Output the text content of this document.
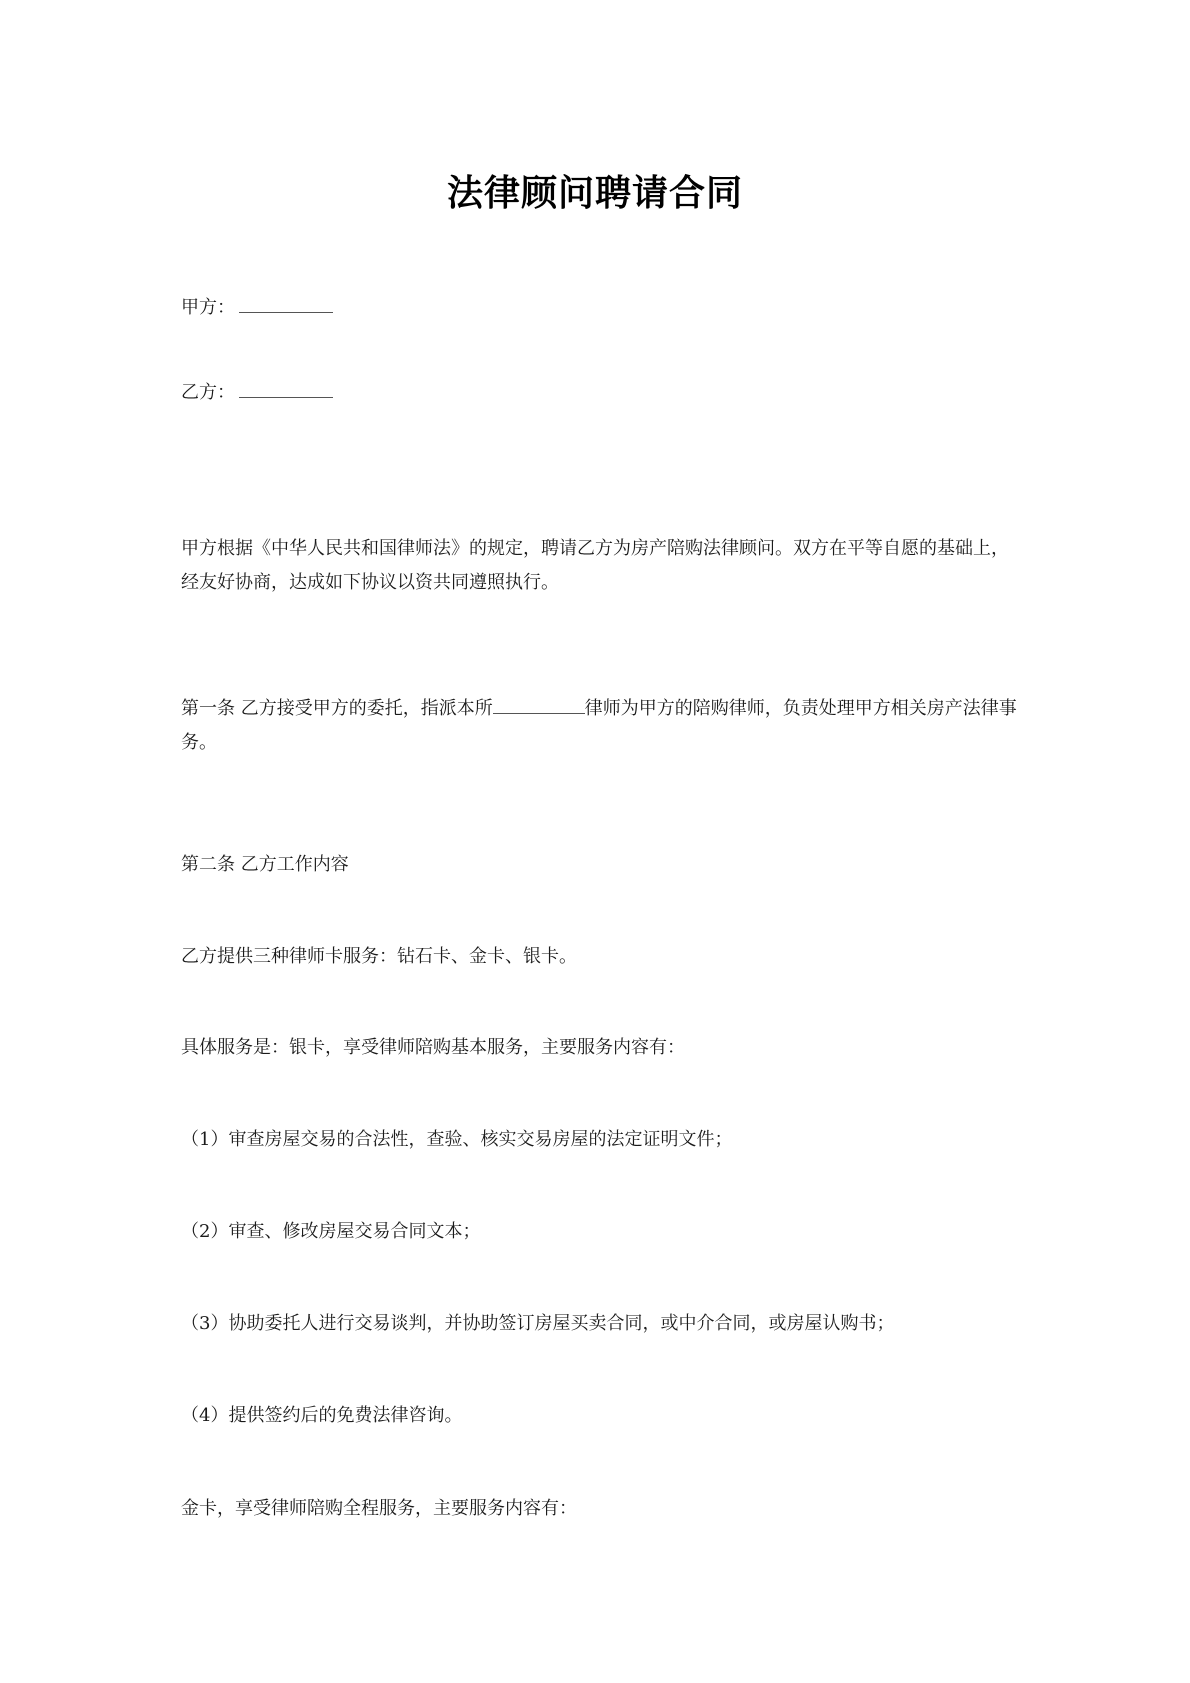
法律顾问聘请合同
甲方：
乙方：
甲方根据《中华人民共和国律师法》的规定，聘请乙方为房产陪购法律顾问。双方在平等自愿的基础上，经友好协商，达成如下协议以资共同遵照执行。
第一条 乙方接受甲方的委托，指派本所	律师为甲方的陪购律师，负责处理甲方相关房产法律事务。
第二条 乙方工作内容
乙方提供三种律师卡服务：钻石卡、金卡、银卡。
具体服务是：银卡，享受律师陪购基本服务，主要服务内容有：
（1）审查房屋交易的合法性，查验、核实交易房屋的法定证明文件；
（2）审查、修改房屋交易合同文本；
（3）协助委托人进行交易谈判，并协助签订房屋买卖合同，或中介合同，或房屋认购书；
（4）提供签约后的免费法律咨询。
金卡，享受律师陪购全程服务，主要服务内容有：
